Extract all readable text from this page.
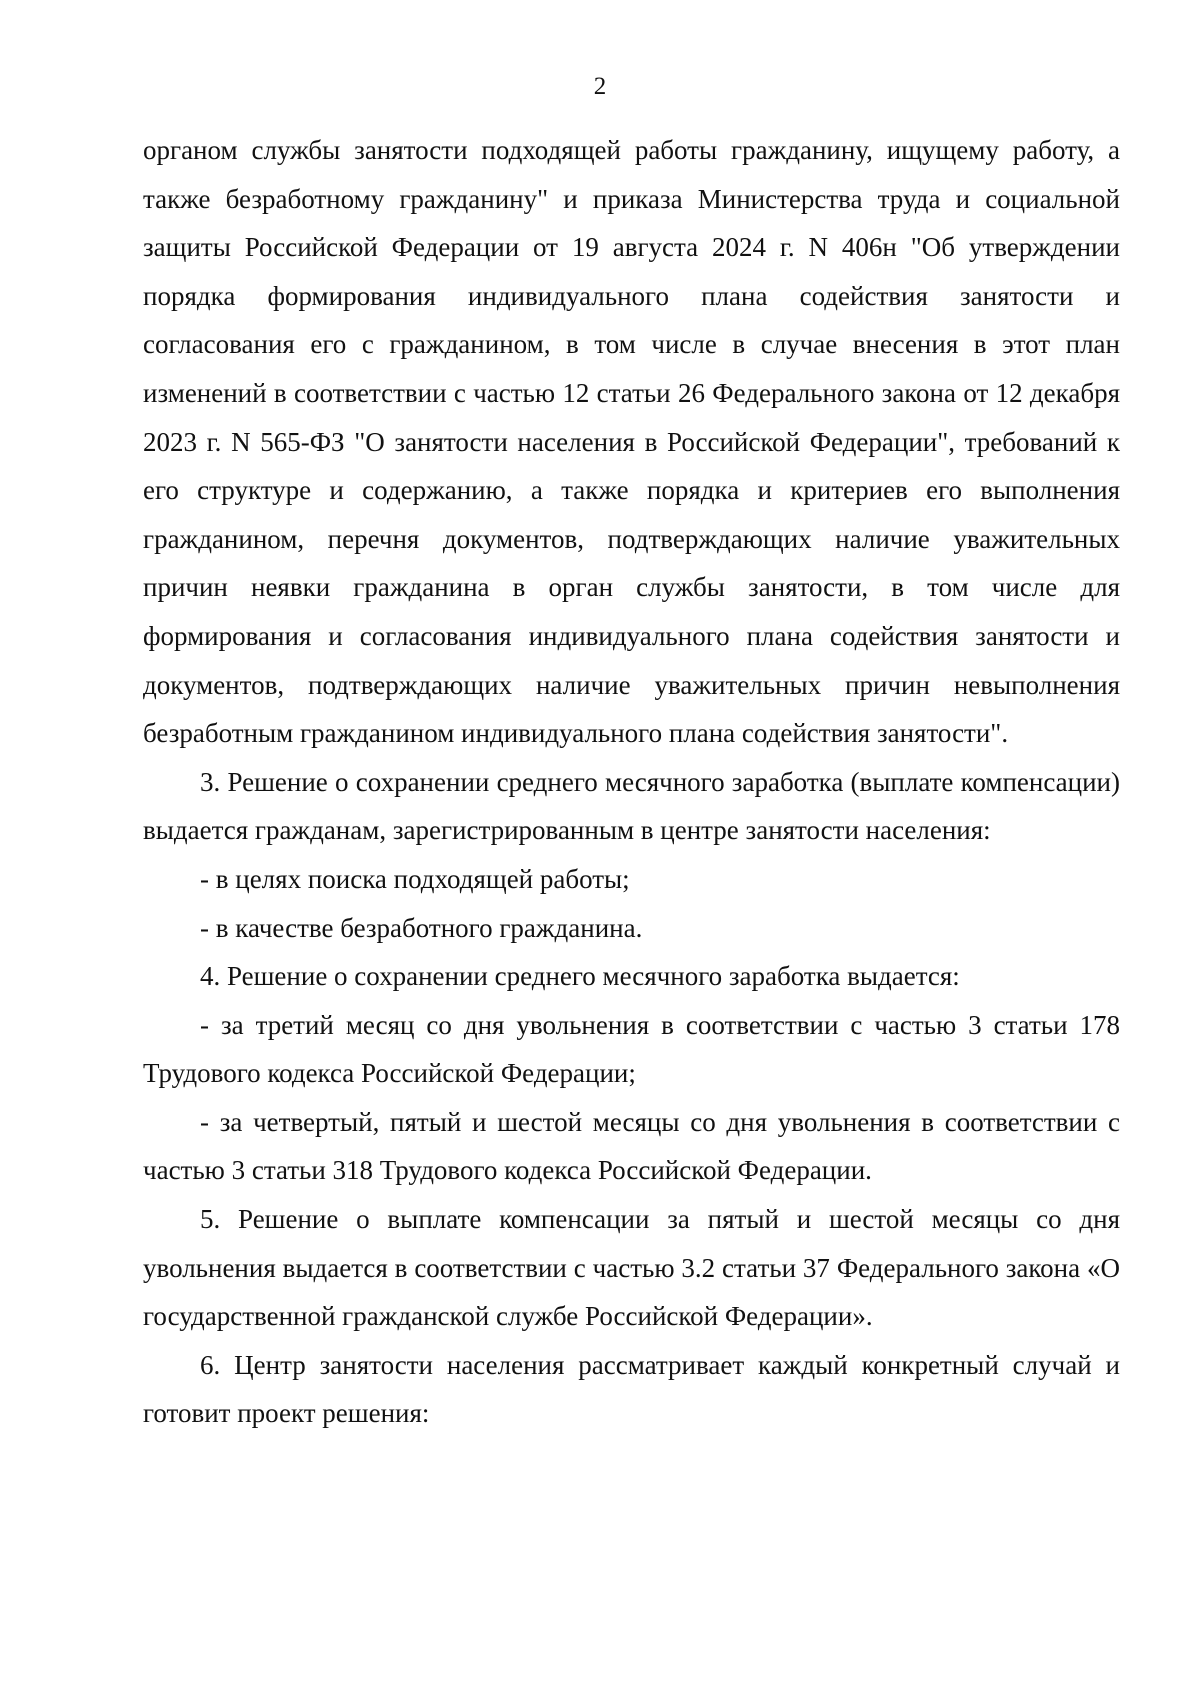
2

органом службы занятости подходящей работы гражданину, ищущему работу, а также безработному гражданину" и приказа Министерства труда и социальной защиты Российской Федерации от 19 августа 2024 г. N 406н "Об утверждении порядка формирования индивидуального плана содействия занятости и согласования его с гражданином, в том числе в случае внесения в этот план изменений в соответствии с частью 12 статьи 26 Федерального закона от 12 декабря 2023 г. N 565-ФЗ "О занятости населения в Российской Федерации", требований к его структуре и содержанию, а также порядка и критериев его выполнения гражданином, перечня документов, подтверждающих наличие уважительных причин неявки гражданина в орган службы занятости, в том числе для формирования и согласования индивидуального плана содействия занятости и документов, подтверждающих наличие уважительных причин невыполнения безработным гражданином индивидуального плана содействия занятости".

3. Решение о сохранении среднего месячного заработка (выплате компенсации) выдается гражданам, зарегистрированным в центре занятости населения:

- в целях поиска подходящей работы;

- в качестве безработного гражданина.

4. Решение о сохранении среднего месячного заработка выдается:

- за третий месяц со дня увольнения в соответствии с частью 3 статьи 178 Трудового кодекса Российской Федерации;

- за четвертый, пятый и шестой месяцы со дня увольнения в соответствии с частью 3 статьи 318 Трудового кодекса Российской Федерации.

5. Решение о выплате компенсации за пятый и шестой месяцы со дня увольнения выдается в соответствии с частью 3.2 статьи 37 Федерального закона «О государственной гражданской службе Российской Федерации».

6. Центр занятости населения рассматривает каждый конкретный случай и готовит проект решения:
